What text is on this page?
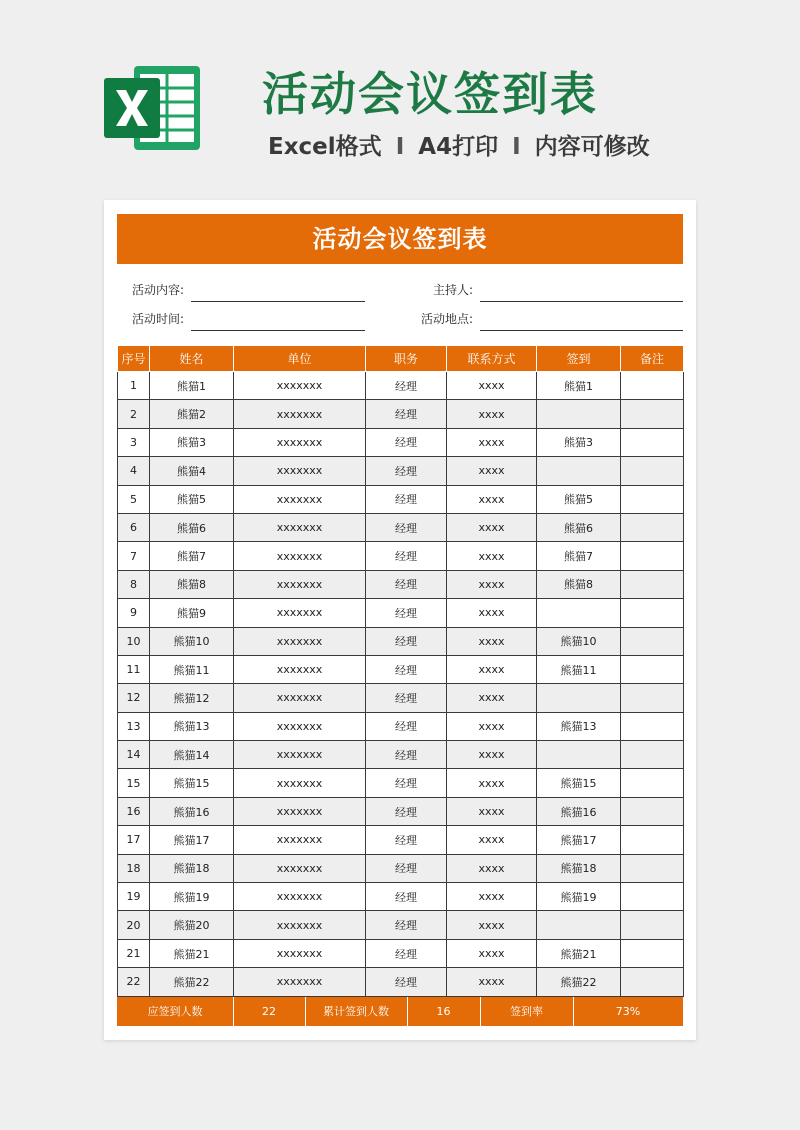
活动会议签到表
Excel格式 I A4打印 I 内容可修改
活动会议签到表
活动内容:	主持人:
活动时间:	活动地点:
序号	姓名	单位	职务	联系方式	签到	备注
1	熊猫1	xxxxxxx	经理	xxxx	熊猫1	
2	熊猫2	xxxxxxx	经理	xxxx		
3	熊猫3	xxxxxxx	经理	xxxx	熊猫3	
4	熊猫4	xxxxxxx	经理	xxxx		
5	熊猫5	xxxxxxx	经理	xxxx	熊猫5	
6	熊猫6	xxxxxxx	经理	xxxx	熊猫6	
7	熊猫7	xxxxxxx	经理	xxxx	熊猫7	
8	熊猫8	xxxxxxx	经理	xxxx	熊猫8	
9	熊猫9	xxxxxxx	经理	xxxx		
10	熊猫10	xxxxxxx	经理	xxxx	熊猫10	
11	熊猫11	xxxxxxx	经理	xxxx	熊猫11	
12	熊猫12	xxxxxxx	经理	xxxx		
13	熊猫13	xxxxxxx	经理	xxxx	熊猫13	
14	熊猫14	xxxxxxx	经理	xxxx		
15	熊猫15	xxxxxxx	经理	xxxx	熊猫15	
16	熊猫16	xxxxxxx	经理	xxxx	熊猫16	
17	熊猫17	xxxxxxx	经理	xxxx	熊猫17	
18	熊猫18	xxxxxxx	经理	xxxx	熊猫18	
19	熊猫19	xxxxxxx	经理	xxxx	熊猫19	
20	熊猫20	xxxxxxx	经理	xxxx		
21	熊猫21	xxxxxxx	经理	xxxx	熊猫21	
22	熊猫22	xxxxxxx	经理	xxxx	熊猫22	
应签到人数	22	累计签到人数	16	签到率	73%
